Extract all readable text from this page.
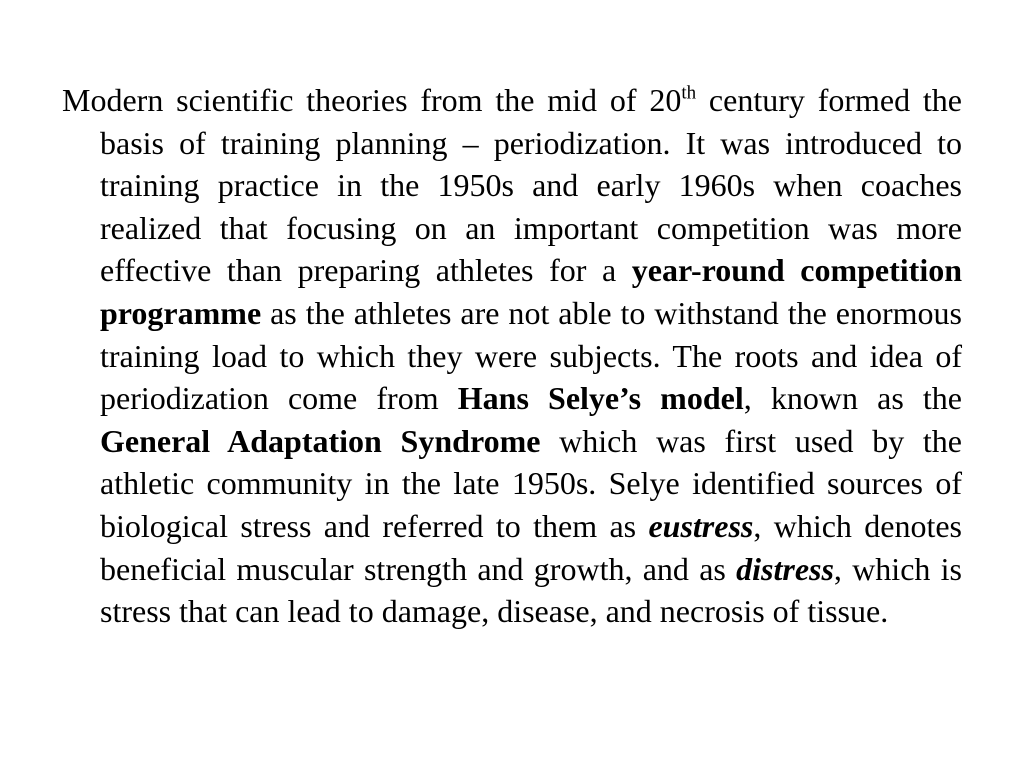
Modern scientific theories from the mid of 20th century formed the basis of training planning – periodization. It was introduced to training practice in the 1950s and early 1960s when coaches realized that focusing on an important competition was more effective than preparing athletes for a year-round competition programme as the athletes are not able to withstand the enormous training load to which they were subjects. The roots and idea of periodization come from Hans Selye’s model, known as the General Adaptation Syndrome which was first used by the athletic community in the late 1950s. Selye identified sources of biological stress and referred to them as eustress, which denotes beneficial muscular strength and growth, and as distress, which is stress that can lead to damage, disease, and necrosis of tissue.
